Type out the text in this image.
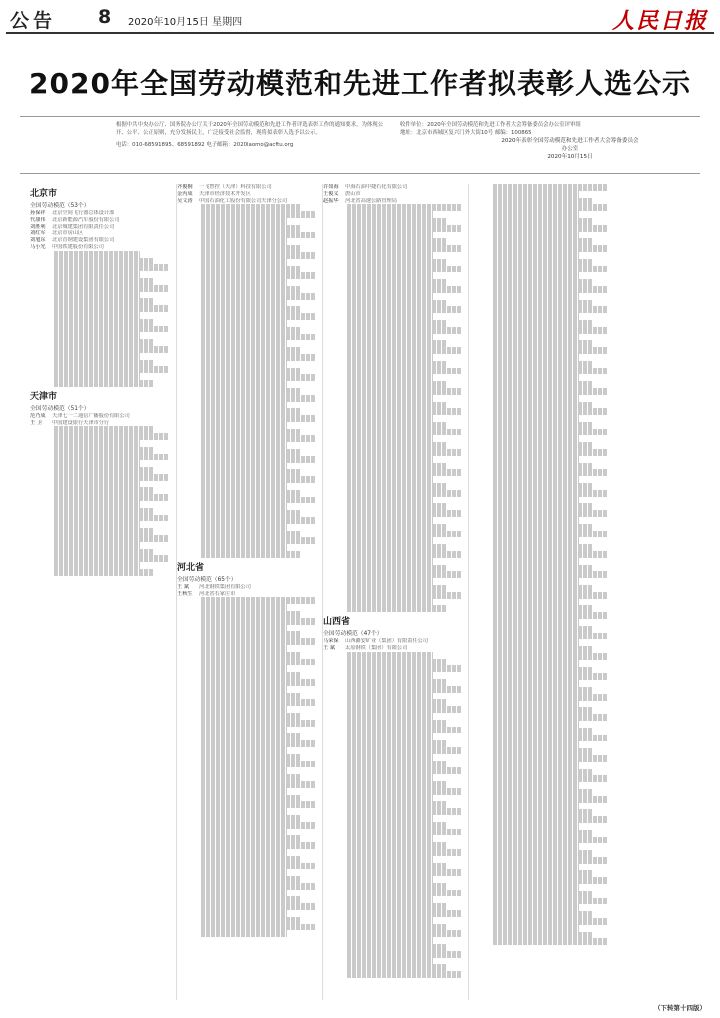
公告 8 2020年10月15日 星期四	人民日报
2020年全国劳动模范和先进工作者拟表彰人选公示
根据中共中央办公厅、国务院办公厅关于2020年全国劳动模范和先进工作者评选表彰工作的通知要求，为体现公开、公平、公正原则，充分发扬民主，广泛接受社会监督，现将拟表彰人选予以公示。
电话：010-68591895、68591892 电子邮箱：2020laomo@acftu.org
收件单位：2020年全国劳动模范和先进工作者大会筹备委员会办公室评审组
地址：北京市西城区复兴门外大街10号 邮编：100865
2020年表彰全国劳动模范和先进工作者大会筹备委员会办公室
2020年10月15日
北京市
全国劳动模范（53个）
孙保祥 北京空间飞行器总体设计部
代康伟 北京新能源汽车股份有限公司
刘胜利 北京城建集团有限责任公司
刘红军 北京市房山区
刘旭东 北京首钢建设集团有限公司
马小光 中国铁建股份有限公司
天津市
全国劳动模范（51个）
范乃成 天津七一二通信广播股份有限公司
王 卫 中国建设银行天津市分行
齐俊桐 一飞智控（天津）科技有限公司
金丙成 天津市经济技术开发区
吴文涛 中国石油化工股份有限公司天津分公司
河北省
全国劳动模范（65个）
王 斌 河北钢铁集团有限公司
王秋生 河北省石家庄市
许如海 中海石油中捷石化有限公司
王俊义 唐山市
赵振华 河北省高速公路管理局
山西省
全国劳动模范（47个）
马荣保 山西潞安矿业（集团）有限责任公司
王 斌 太原钢铁（集团）有限公司
（下转第十四版）
